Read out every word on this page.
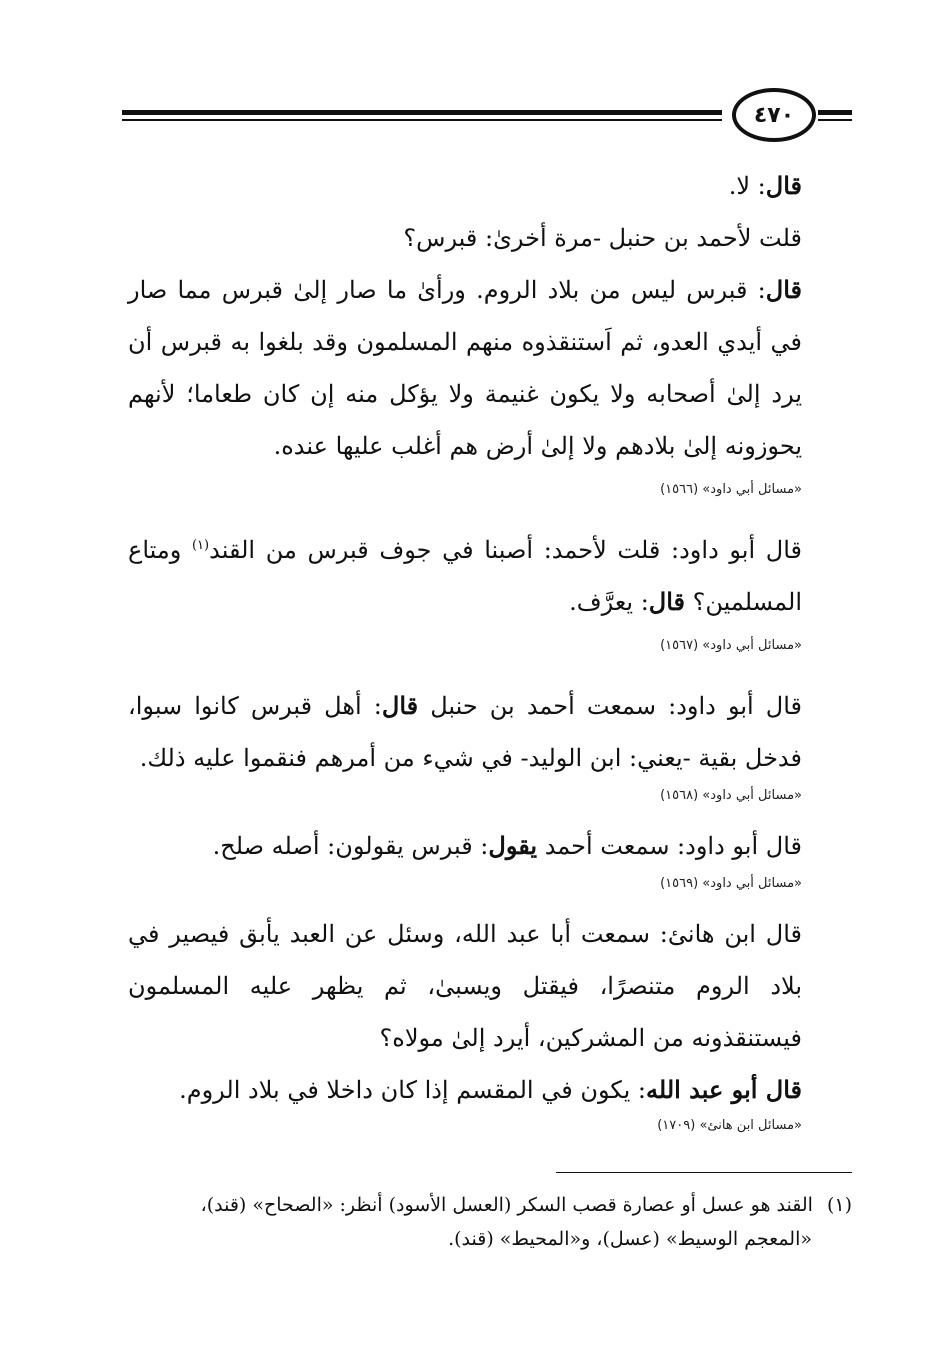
٤٧٠

قال: لا.

قلت لأحمد بن حنبل -مرة أخرىٰ: قبرس؟

قال: قبرس ليس من بلاد الروم. ورأىٰ ما صار إلىٰ قبرس مما صار في أيدي العدو، ثم اَستنقذوه منهم المسلمون وقد بلغوا به قبرس أن يرد إلىٰ أصحابه ولا يكون غنيمة ولا يؤكل منه إن كان طعاما؛ لأنهم يحوزونه إلىٰ بلادهم ولا إلىٰ أرض هم أغلب عليها عنده.

«مسائل أبي داود» (١٥٦٦)

قال أبو داود: قلت لأحمد: أصبنا في جوف قبرس من القند$^{(١)}$ ومتاع المسلمين؟ قال: يعرَّف.

«مسائل أبي داود» (١٥٦٧)

قال أبو داود: سمعت أحمد بن حنبل قال: أهل قبرس كانوا سبوا، فدخل بقية -يعني: ابن الوليد- في شيء من أمرهم فنقموا عليه ذلك.

«مسائل أبي داود» (١٥٦٨)

قال أبو داود: سمعت أحمد يقول: قبرس يقولون: أصله صلح.

«مسائل أبي داود» (١٥٦٩)

قال ابن هانئ: سمعت أبا عبد الله، وسئل عن العبد يأبق فيصير في بلاد الروم متنصرًا، فيقتل ويسبىٰ، ثم يظهر عليه المسلمون فيستنقذونه من المشركين، أيرد إلىٰ مولاه؟

قال أبو عبد الله: يكون في المقسم إذا كان داخلا في بلاد الروم.

«مسائل ابن هانئ» (١٧٠٩)
(١)القند هو عسل أو عصارة قصب السكر (العسل الأسود) أنظر: «الصحاح» (قند)،
«المعجم الوسيط» (عسل)، و«المحيط» (قند).
